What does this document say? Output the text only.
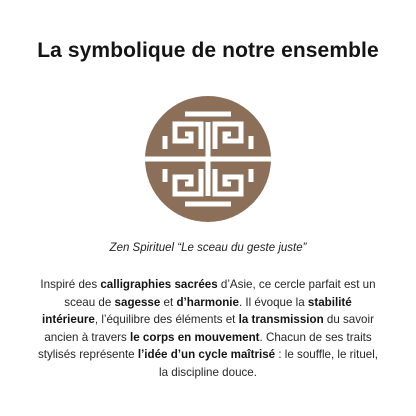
La symbolique de notre ensemble
Zen Spirituel “Le sceau du geste juste”
Inspiré des calligraphies sacrées d’Asie, ce cercle parfait est un sceau de sagesse et d’harmonie. Il évoque la stabilité intérieure, l’équilibre des éléments et la transmission du savoir ancien à travers le corps en mouvement. Chacun de ses traits stylisés représente l’idée d’un cycle maîtrisé : le souffle, le rituel, la discipline douce.
